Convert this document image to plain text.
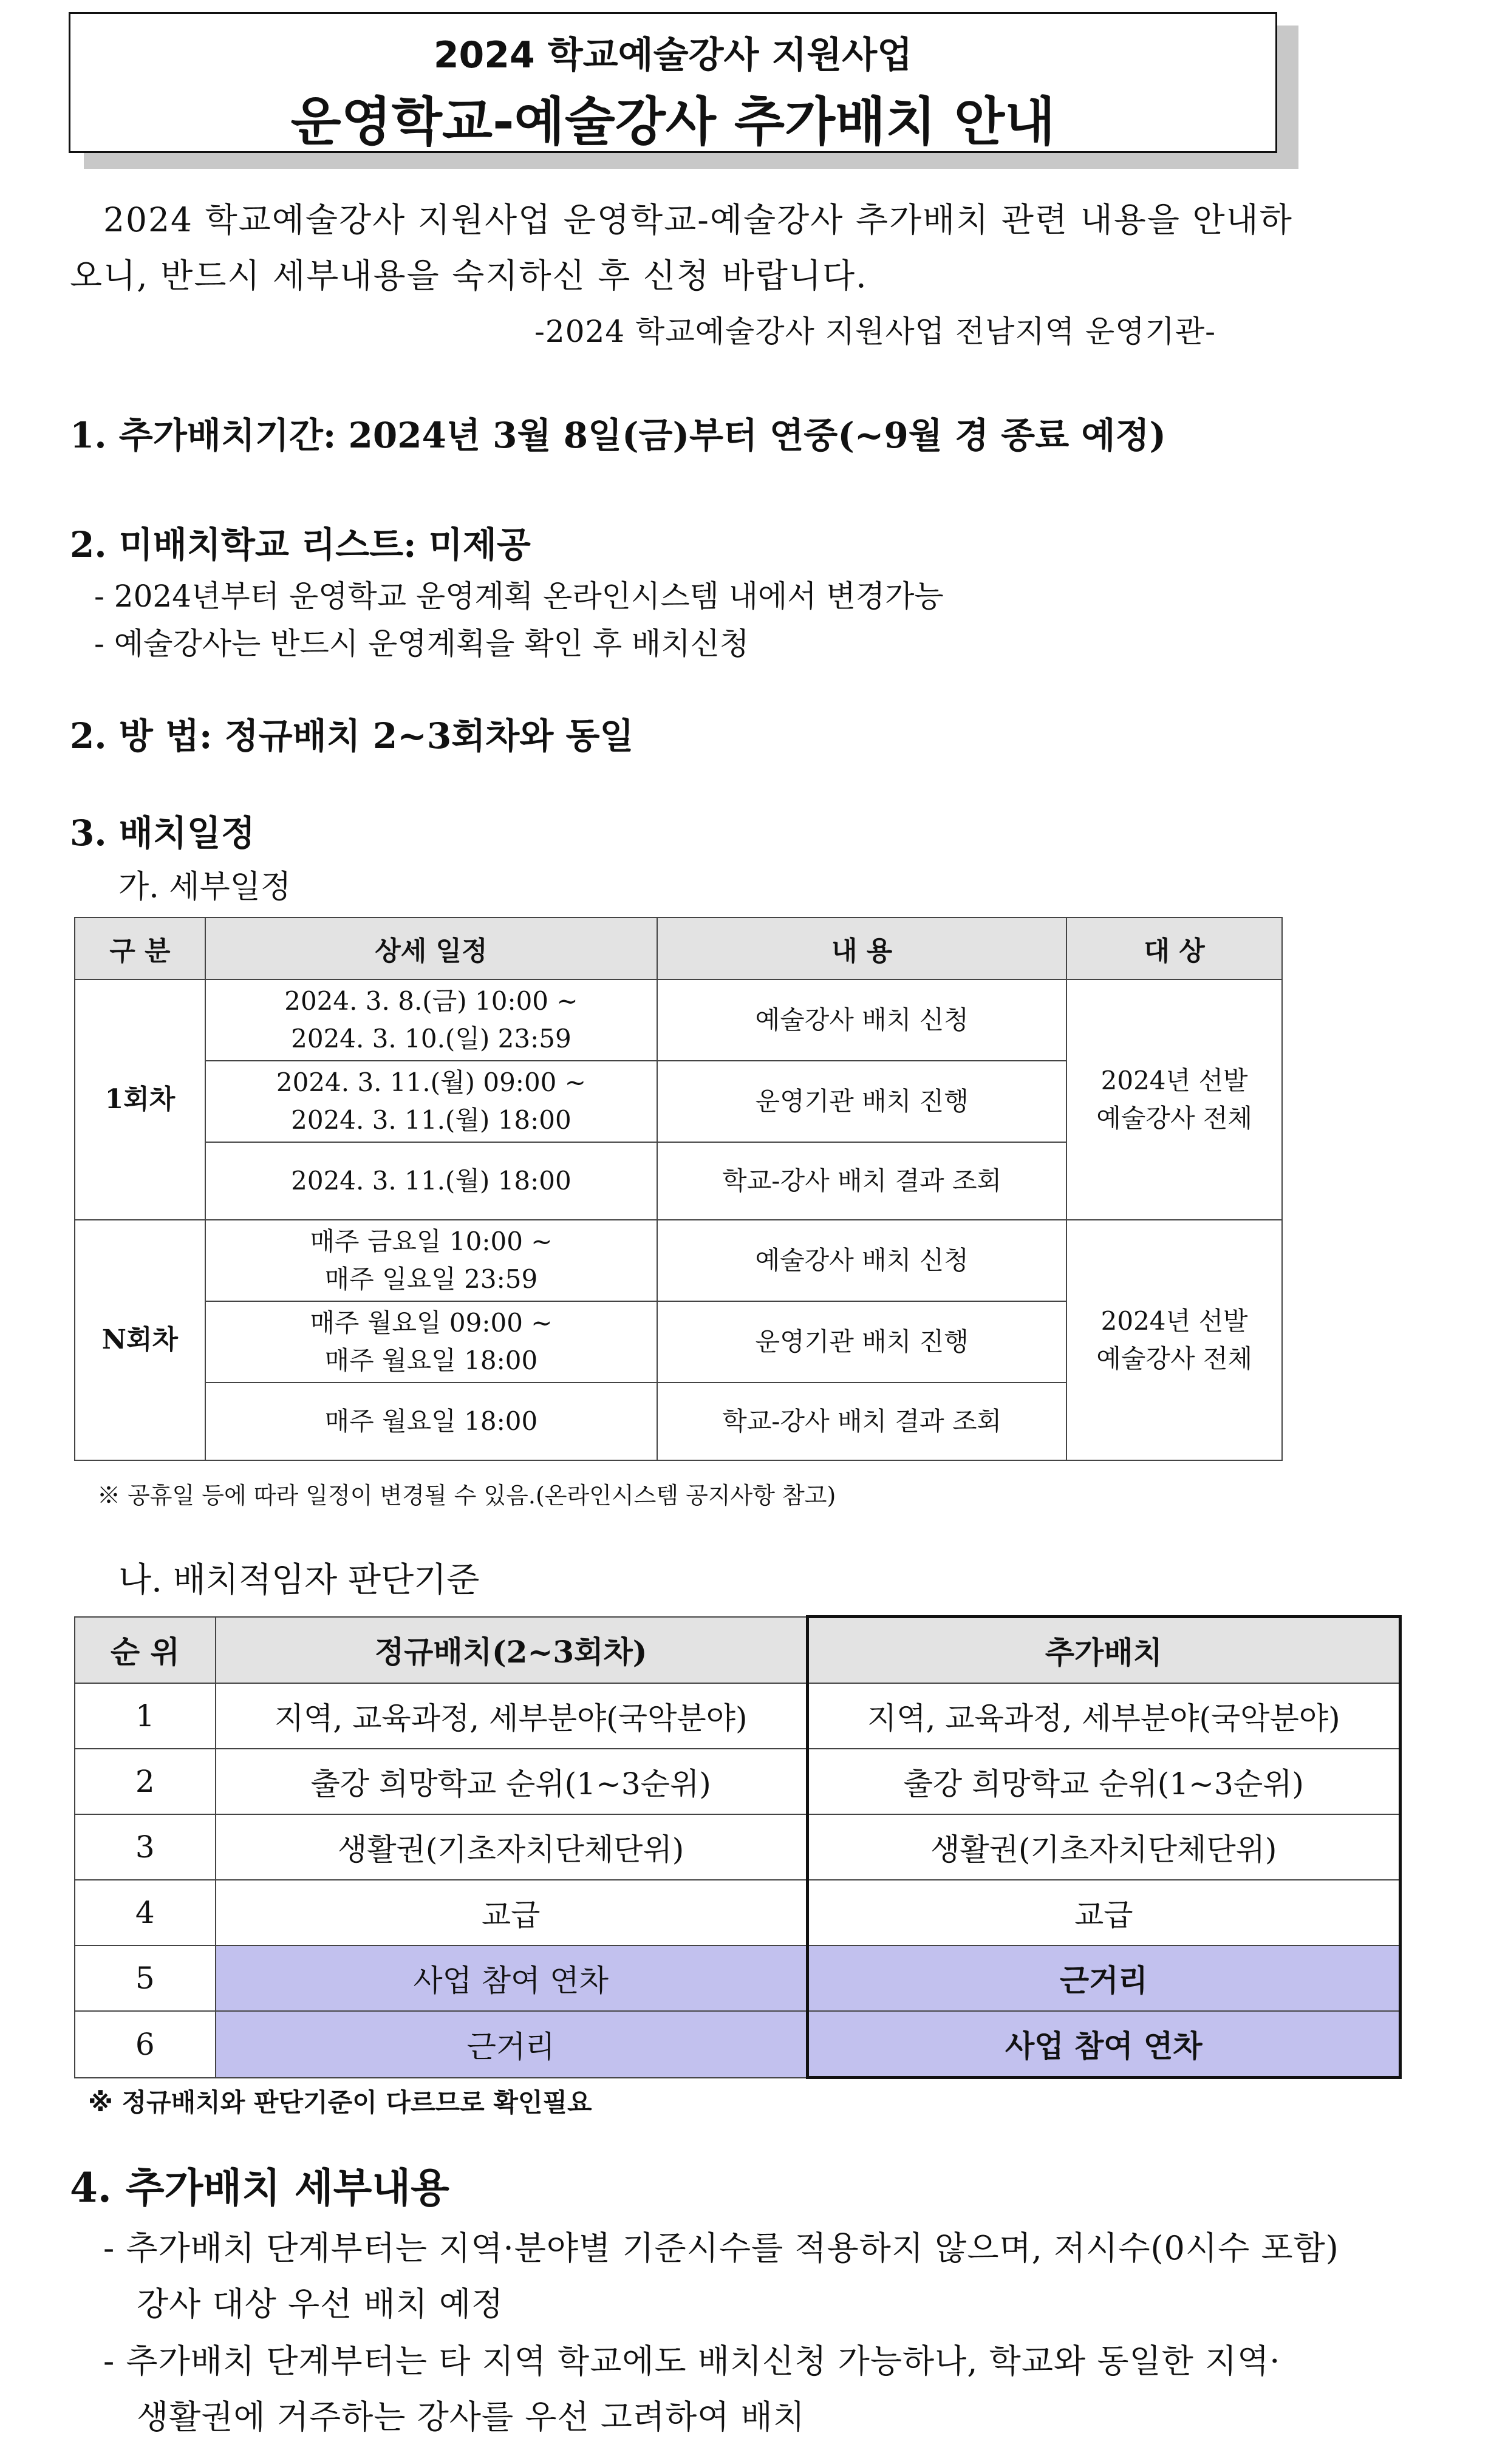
2024 학교예술강사 지원사업
운영학교-예술강사 추가배치 안내
2024 학교예술강사 지원사업 운영학교-예술강사 추가배치 관련 내용을 안내하
오니, 반드시 세부내용을 숙지하신 후 신청 바랍니다.
-2024 학교예술강사 지원사업 전남지역 운영기관-
1. 추가배치기간: 2024년 3월 8일(금)부터 연중(~9월 경 종료 예정)
2. 미배치학교 리스트: 미제공
- 2024년부터 운영학교 운영계획 온라인시스템 내에서 변경가능
- 예술강사는 반드시 운영계획을 확인 후 배치신청
2. 방 법: 정규배치 2~3회차와 동일
3. 배치일정
가. 세부일정
구 분	상세 일정	내 용	대 상
1회차	2024. 3. 8.(금) 10:00 ~
2024. 3. 10.(일) 23:59	예술강사 배치 신청	2024년 선발
예술강사 전체
	2024. 3. 11.(월) 09:00 ~
2024. 3. 11.(월) 18:00	운영기관 배치 진행	
	2024. 3. 11.(월) 18:00	학교-강사 배치 결과 조회	
N회차	매주 금요일 10:00 ~
매주 일요일 23:59	예술강사 배치 신청	2024년 선발
예술강사 전체
	매주 월요일 09:00 ~
매주 월요일 18:00	운영기관 배치 진행	
	매주 월요일 18:00	학교-강사 배치 결과 조회	
※ 공휴일 등에 따라 일정이 변경될 수 있음.(온라인시스템 공지사항 참고)
나. 배치적임자 판단기준
순 위	정규배치(2~3회차)	추가배치
1	지역, 교육과정, 세부분야(국악분야)	지역, 교육과정, 세부분야(국악분야)
2	출강 희망학교 순위(1~3순위)	출강 희망학교 순위(1~3순위)
3	생활권(기초자치단체단위)	생활권(기초자치단체단위)
4	교급	교급
5	사업 참여 연차	근거리
6	근거리	사업 참여 연차
※ 정규배치와 판단기준이 다르므로 확인필요
4. 추가배치 세부내용
- 추가배치 단계부터는 지역·분야별 기준시수를 적용하지 않으며, 저시수(0시수 포함)
강사 대상 우선 배치 예정
- 추가배치 단계부터는 타 지역 학교에도 배치신청 가능하나, 학교와 동일한 지역·
생활권에 거주하는 강사를 우선 고려하여 배치
